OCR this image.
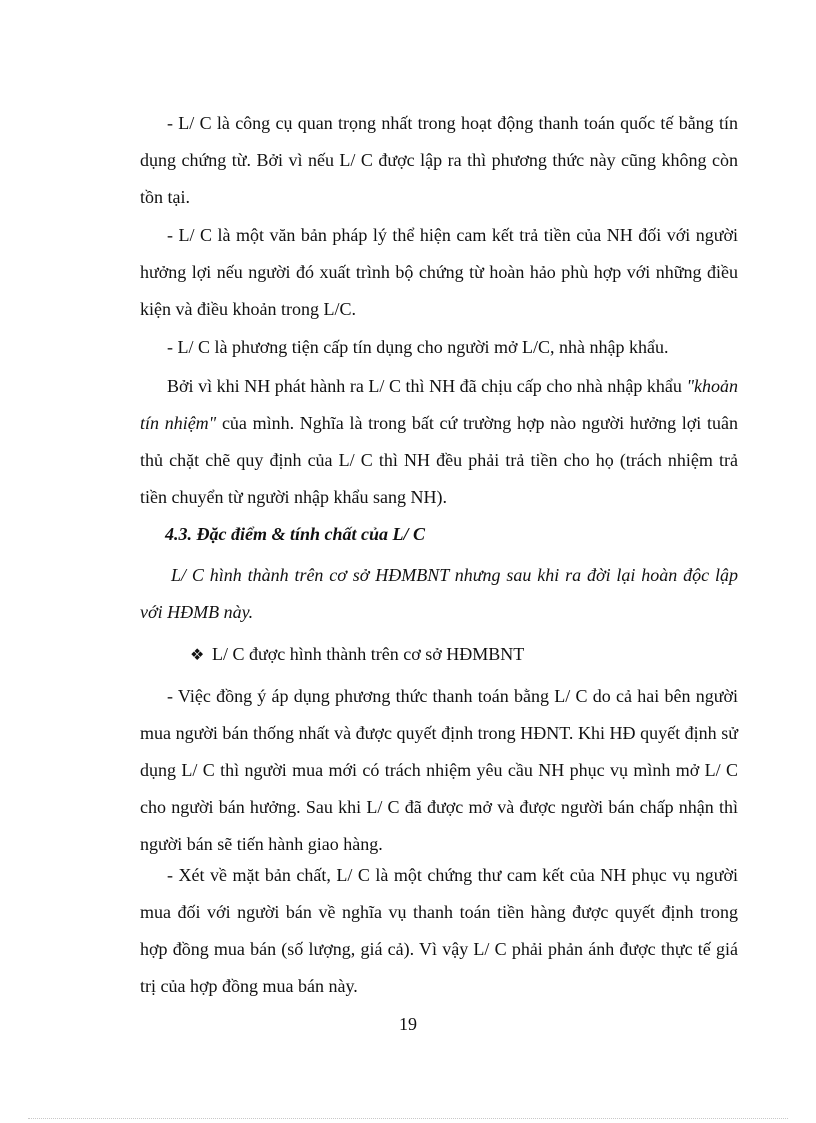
- L/ C là công cụ quan trọng nhất trong hoạt động thanh toán quốc tế bằng tín dụng chứng từ. Bởi vì nếu L/ C được lập ra thì phương thức này cũng không còn tồn tại.

- L/ C là một văn bản pháp lý thể hiện cam kết trả tiền của NH đối với người hưởng lợi nếu người đó xuất trình bộ chứng từ hoàn hảo phù hợp với những điều kiện và điều khoản trong L/C.

- L/ C là phương tiện cấp tín dụng cho người mở L/C, nhà nhập khẩu.

Bởi vì khi NH phát hành ra L/ C thì NH đã chịu cấp cho nhà nhập khẩu "khoản tín nhiệm" của mình. Nghĩa là trong bất cứ trường hợp nào người hưởng lợi tuân thủ chặt chẽ quy định của L/ C thì NH đều phải trả tiền cho họ (trách nhiệm trả tiền chuyển từ người nhập khẩu sang NH).

4.3. Đặc điểm & tính chất của L/ C

L/ C hình thành trên cơ sở HĐMBNT nhưng sau khi ra đời lại hoàn độc lập với HĐMB này.

❖ L/ C được hình thành trên cơ sở HĐMBNT

- Việc đồng ý áp dụng phương thức thanh toán bằng L/ C do cả hai bên người mua người bán thống nhất và được quyết định trong HĐNT. Khi HĐ quyết định sử dụng L/ C thì người mua mới có trách nhiệm yêu cầu NH phục vụ mình mở L/ C cho người bán hưởng. Sau khi L/ C đã được mở và được người bán chấp nhận thì người bán sẽ tiến hành giao hàng.

- Xét về mặt bản chất, L/ C là một chứng thư cam kết của NH phục vụ người mua đối với người bán về nghĩa vụ thanh toán tiền hàng được quyết định trong hợp đồng mua bán (số lượng, giá cả). Vì vậy L/ C phải phản ánh được thực tế giá trị của hợp đồng mua bán này.

19
